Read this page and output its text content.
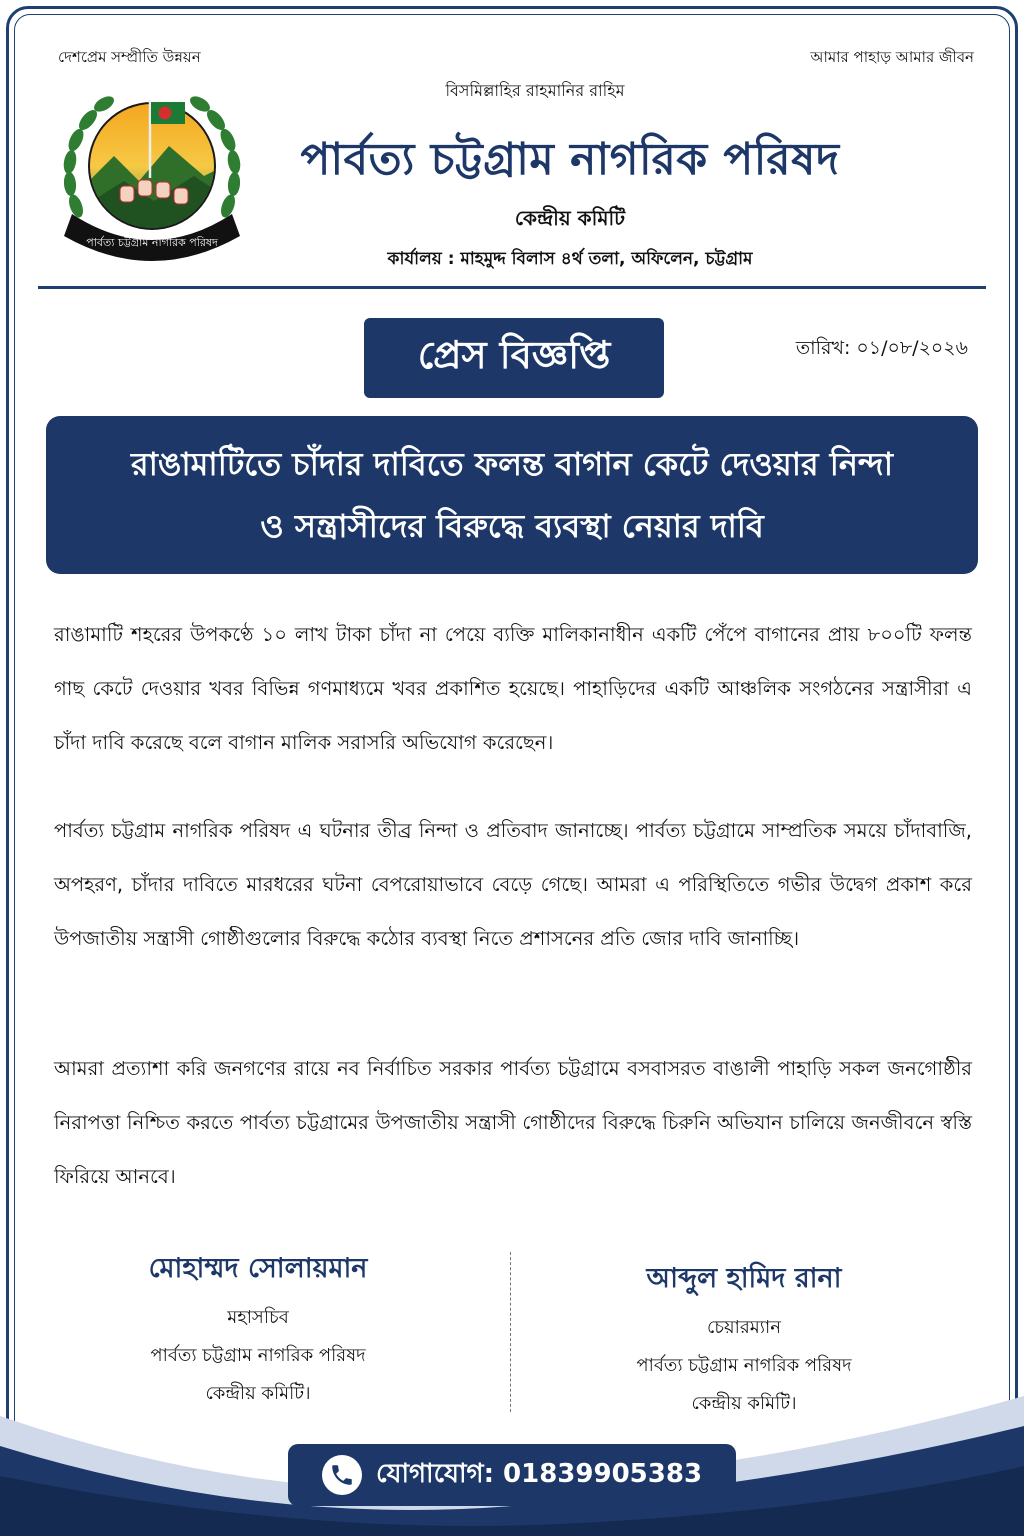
দেশপ্রেম সম্প্রীতি উন্নয়ন	আমার পাহাড় আমার জীবন
বিসমিল্লাহির রাহমানির রাহিম
পার্বত্য চট্টগ্রাম নাগরিক পরিষদ
পার্বত্য চট্টগ্রাম নাগরিক পরিষদ
কেন্দ্রীয় কমিটি
কার্যালয় : মাহমুদ্দ বিলাস ৪র্থ তলা, অফিলেন, চট্টগ্রাম
প্রেস বিজ্ঞপ্তি	তারিখ: ০১/০৮/২০২৬
রাঙামাটিতে চাঁদার দাবিতে ফলন্ত বাগান কেটে দেওয়ার নিন্দা
ও সন্ত্রাসীদের বিরুদ্ধে ব্যবস্থা নেয়ার দাবি
রাঙামাটি শহরের উপকণ্ঠে ১০ লাখ টাকা চাঁদা না পেয়ে ব্যক্তি মালিকানাধীন একটি পেঁপে বাগানের প্রায় ৮০০টি ফলন্ত গাছ কেটে দেওয়ার খবর বিভিন্ন গণমাধ্যমে খবর প্রকাশিত হয়েছে। পাহাড়িদের একটি আঞ্চলিক সংগঠনের সন্ত্রাসীরা এ চাঁদা দাবি করেছে বলে বাগান মালিক সরাসরি অভিযোগ করেছেন।
পার্বত্য চট্টগ্রাম নাগরিক পরিষদ এ ঘটনার তীব্র নিন্দা ও প্রতিবাদ জানাচ্ছে। পার্বত্য চট্টগ্রামে সাম্প্রতিক সময়ে চাঁদাবাজি, অপহরণ, চাঁদার দাবিতে মারধরের ঘটনা বেপরোয়াভাবে বেড়ে গেছে। আমরা এ পরিস্থিতিতে গভীর উদ্বেগ প্রকাশ করে উপজাতীয় সন্ত্রাসী গোষ্ঠীগুলোর বিরুদ্ধে কঠোর ব্যবস্থা নিতে প্রশাসনের প্রতি জোর দাবি জানাচ্ছি।
আমরা প্রত্যাশা করি জনগণের রায়ে নব নির্বাচিত সরকার পার্বত্য চট্টগ্রামে বসবাসরত বাঙালী পাহাড়ি সকল জনগোষ্ঠীর নিরাপত্তা নিশ্চিত করতে পার্বত্য চট্টগ্রামের উপজাতীয় সন্ত্রাসী গোষ্ঠীদের বিরুদ্ধে চিরুনি অভিযান চালিয়ে জনজীবনে স্বস্তি ফিরিয়ে আনবে।
মোহাম্মদ সোলায়মান
মহাসচিব
পার্বত্য চট্টগ্রাম নাগরিক পরিষদ
কেন্দ্রীয় কমিটি।
আব্দুল হামিদ রানা
চেয়ারম্যান
পার্বত্য চট্টগ্রাম নাগরিক পরিষদ
কেন্দ্রীয় কমিটি।
যোগাযোগ: 01839905383
